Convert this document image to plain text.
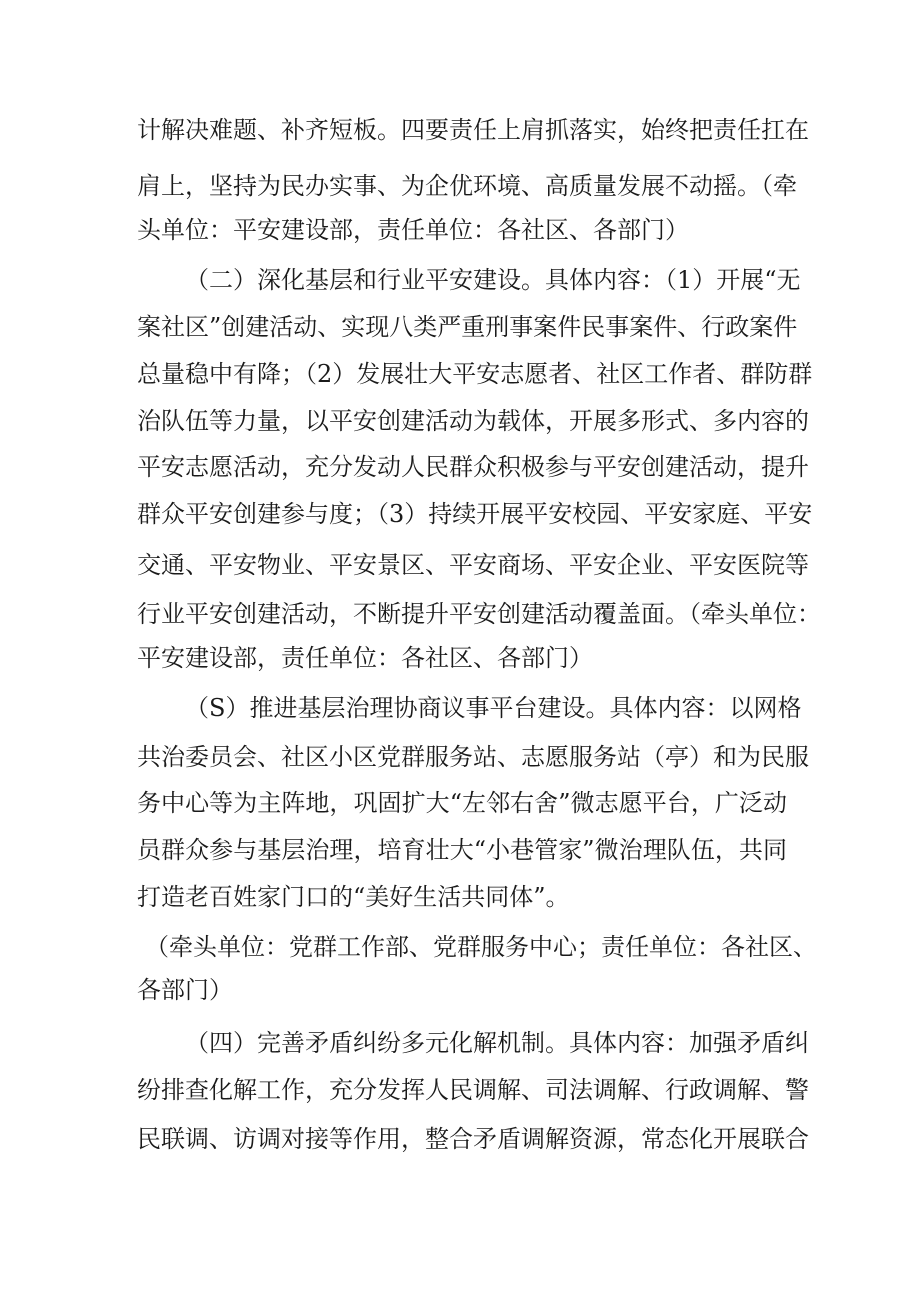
计解决难题、补齐短板。四要责任上肩抓落实，始终把责任扛在
肩上，坚持为民办实事、为企优环境、高质量发展不动摇。（牵
头单位：平安建设部，责任单位：各社区、各部门）
（二）深化基层和行业平安建设。具体内容：（1）开展“无
案社区”创建活动、实现八类严重刑事案件民事案件、行政案件
总量稳中有降；（2）发展壮大平安志愿者、社区工作者、群防群
治队伍等力量，以平安创建活动为载体，开展多形式、多内容的
平安志愿活动，充分发动人民群众积极参与平安创建活动，提升
群众平安创建参与度；（3）持续开展平安校园、平安家庭、平安
交通、平安物业、平安景区、平安商场、平安企业、平安医院等
行业平安创建活动，不断提升平安创建活动覆盖面。（牵头单位：
平安建设部，责任单位：各社区、各部门）
（S）推进基层治理协商议事平台建设。具体内容：以网格
共治委员会、社区小区党群服务站、志愿服务站（亭）和为民服
务中心等为主阵地，巩固扩大“左邻右舍”微志愿平台，广泛动
员群众参与基层治理，培育壮大“小巷管家”微治理队伍，共同
打造老百姓家门口的“美好生活共同体”。
（牵头单位：党群工作部、党群服务中心；责任单位：各社区、
各部门）
（四）完善矛盾纠纷多元化解机制。具体内容：加强矛盾纠
纷排查化解工作，充分发挥人民调解、司法调解、行政调解、警
民联调、访调对接等作用，整合矛盾调解资源，常态化开展联合
